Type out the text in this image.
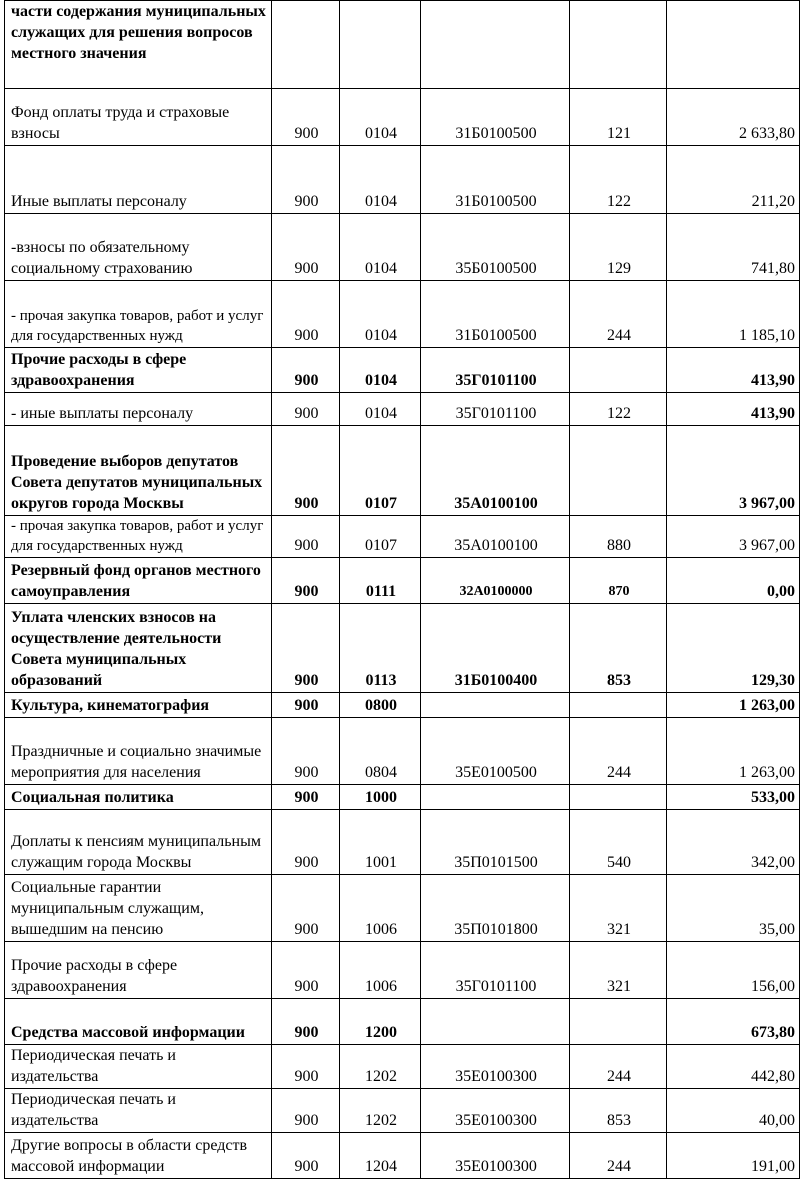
части содержания муниципальных служащих для решения вопросов местного значения					
Фонд оплаты труда и страховые взносы	900	0104	31Б0100500	121	2 633,80
Иные выплаты персоналу	900	0104	31Б0100500	122	211,20
-взносы по обязательному социальному страхованию	900	0104	35Б0100500	129	741,80
- прочая закупка товаров, работ и услуг для государственных нужд	900	0104	31Б0100500	244	1 185,10
Прочие расходы в сфере здравоохранения	900	0104	35Г0101100		413,90
- иные выплаты персоналу	900	0104	35Г0101100	122	413,90
Проведение выборов депутатов Совета депутатов муниципальных округов города Москвы	900	0107	35А0100100		3 967,00
- прочая закупка товаров, работ и услуг для государственных нужд	900	0107	35А0100100	880	3 967,00
Резервный фонд органов местного самоуправления	900	0111	32А0100000	870	0,00
Уплата членских взносов на осуществление деятельности Совета муниципальных образований	900	0113	31Б0100400	853	129,30
Культура, кинематография	900	0800			1 263,00
Праздничные и социально значимые мероприятия для населения	900	0804	35Е0100500	244	1 263,00
Социальная политика	900	1000			533,00
Доплаты к пенсиям муниципальным служащим города Москвы	900	1001	35П0101500	540	342,00
Социальные гарантии муниципальным служащим, вышедшим на пенсию	900	1006	35П0101800	321	35,00
Прочие расходы в сфере здравоохранения	900	1006	35Г0101100	321	156,00
Средства массовой информации	900	1200			673,80
Периодическая печать и издательства	900	1202	35Е0100300	244	442,80
Периодическая печать и издательства	900	1202	35Е0100300	853	40,00
Другие вопросы в области средств массовой информации	900	1204	35Е0100300	244	191,00
